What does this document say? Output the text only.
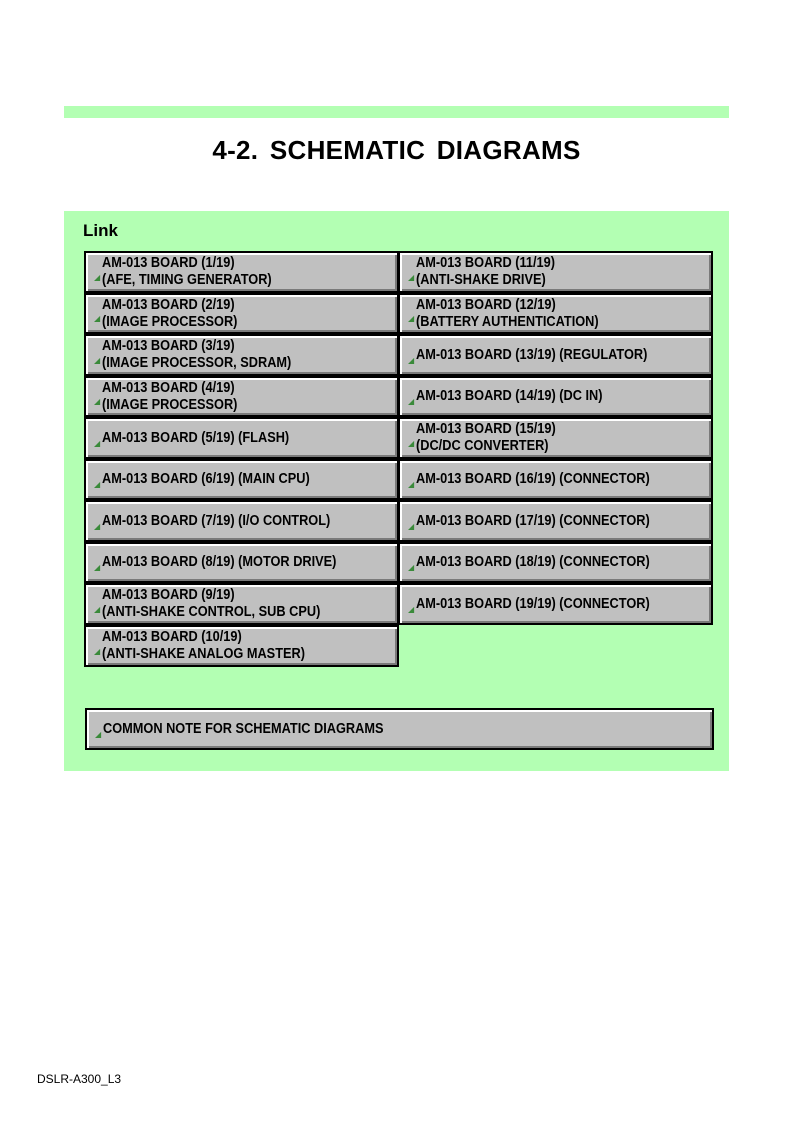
4-2. SCHEMATIC DIAGRAMS
Link
◢
AM-013 BOARD (1/19)
(AFE, TIMING GENERATOR)
◢
AM-013 BOARD (2/19)
(IMAGE PROCESSOR)
◢
AM-013 BOARD (3/19)
(IMAGE PROCESSOR, SDRAM)
◢
AM-013 BOARD (4/19)
(IMAGE PROCESSOR)
◢ AM-013 BOARD (5/19) (FLASH)
◢ AM-013 BOARD (6/19) (MAIN CPU)
◢ AM-013 BOARD (7/19) (I/O CONTROL)
◢ AM-013 BOARD (8/19) (MOTOR DRIVE)
◢
AM-013 BOARD (9/19)
(ANTI-SHAKE CONTROL, SUB CPU)
◢
AM-013 BOARD (10/19)
(ANTI-SHAKE ANALOG MASTER)
◢
AM-013 BOARD (11/19)
(ANTI-SHAKE DRIVE)
◢
AM-013 BOARD (12/19)
(BATTERY AUTHENTICATION)
◢ AM-013 BOARD (13/19) (REGULATOR)
◢ AM-013 BOARD (14/19) (DC IN)
◢
AM-013 BOARD (15/19)
(DC/DC CONVERTER)
◢ AM-013 BOARD (16/19) (CONNECTOR)
◢ AM-013 BOARD (17/19) (CONNECTOR)
◢ AM-013 BOARD (18/19) (CONNECTOR)
◢ AM-013 BOARD (19/19) (CONNECTOR)
◢ COMMON NOTE FOR SCHEMATIC DIAGRAMS
DSLR-A300_L3
